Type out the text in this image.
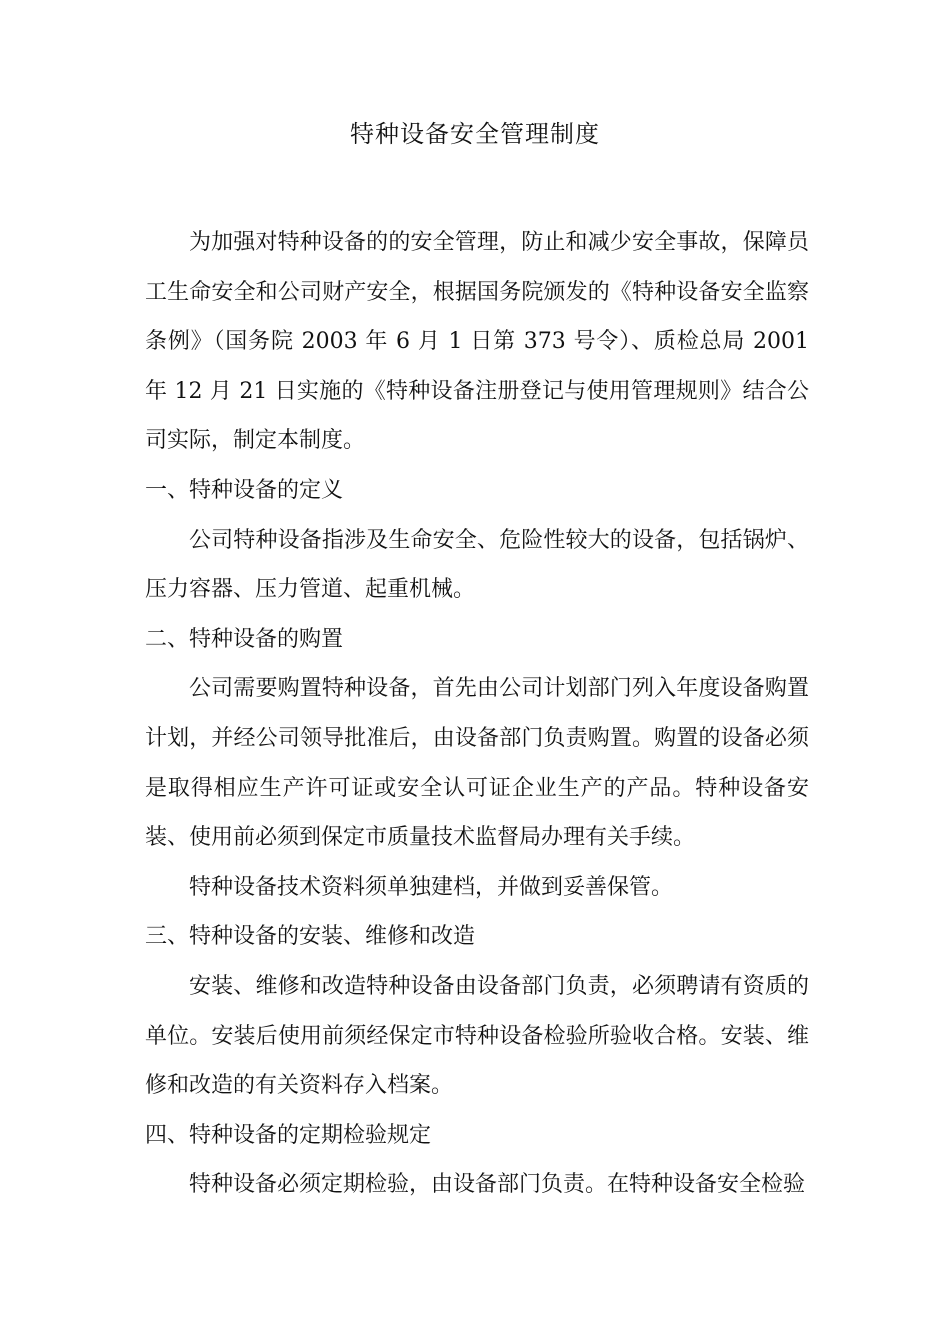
特种设备安全管理制度

为加强对特种设备的的安全管理，防止和减少安全事故，保障员工生命安全和公司财产安全，根据国务院颁发的《特种设备安全监察条例》（国务院 2003 年 6 月 1 日第 373 号令）、质检总局 2001 年 12 月 21 日实施的《特种设备注册登记与使用管理规则》结合公司实际，制定本制度。

一、特种设备的定义

公司特种设备指涉及生命安全、危险性较大的设备，包括锅炉、压力容器、压力管道、起重机械。

二、特种设备的购置

公司需要购置特种设备，首先由公司计划部门列入年度设备购置计划，并经公司领导批准后，由设备部门负责购置。购置的设备必须是取得相应生产许可证或安全认可证企业生产的产品。特种设备安装、使用前必须到保定市质量技术监督局办理有关手续。

特种设备技术资料须单独建档，并做到妥善保管。

三、特种设备的安装、维修和改造

安装、维修和改造特种设备由设备部门负责，必须聘请有资质的单位。安装后使用前须经保定市特种设备检验所验收合格。安装、维修和改造的有关资料存入档案。

四、特种设备的定期检验规定

特种设备必须定期检验，由设备部门负责。在特种设备安全检验
